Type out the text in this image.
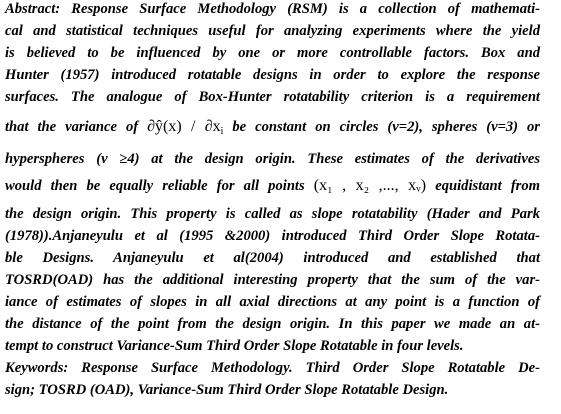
Abstract: Response Surface Methodology (RSM) is a collection of mathemati-
cal and statistical techniques useful for analyzing experiments where the yield
is believed to be influenced by one or more controllable factors. Box and
Hunter (1957) introduced rotatable designs in order to explore the response
surfaces. The analogue of Box-Hunter rotatability criterion is a requirement
that the variance of ∂ŷ(x) / $\partial x_i$ be constant on circles (v=2), spheres (v=3) or
hyperspheres (v ≥4) at the design origin. These estimates of the derivatives
would then be equally reliable for all points (x₁ , x₂ ,..., xᵥ) equidistant from
the design origin. This property is called as slope rotatability (Hader and Park
(1978)).Anjaneyulu et al (1995 &2000) introduced Third Order Slope Rotata-
ble Designs. Anjaneyulu et al(2004) introduced and established that
TOSRD(OAD) has the additional interesting property that the sum of the var-
iance of estimates of slopes in all axial directions at any point is a function of
the distance of the point from the design origin. In this paper we made an at-
tempt to construct Variance-Sum Third Order Slope Rotatable in four levels.
Keywords: Response Surface Methodology. Third Order Slope Rotatable De-
sign; TOSRD (OAD), Variance-Sum Third Order Slope Rotatable Design.
